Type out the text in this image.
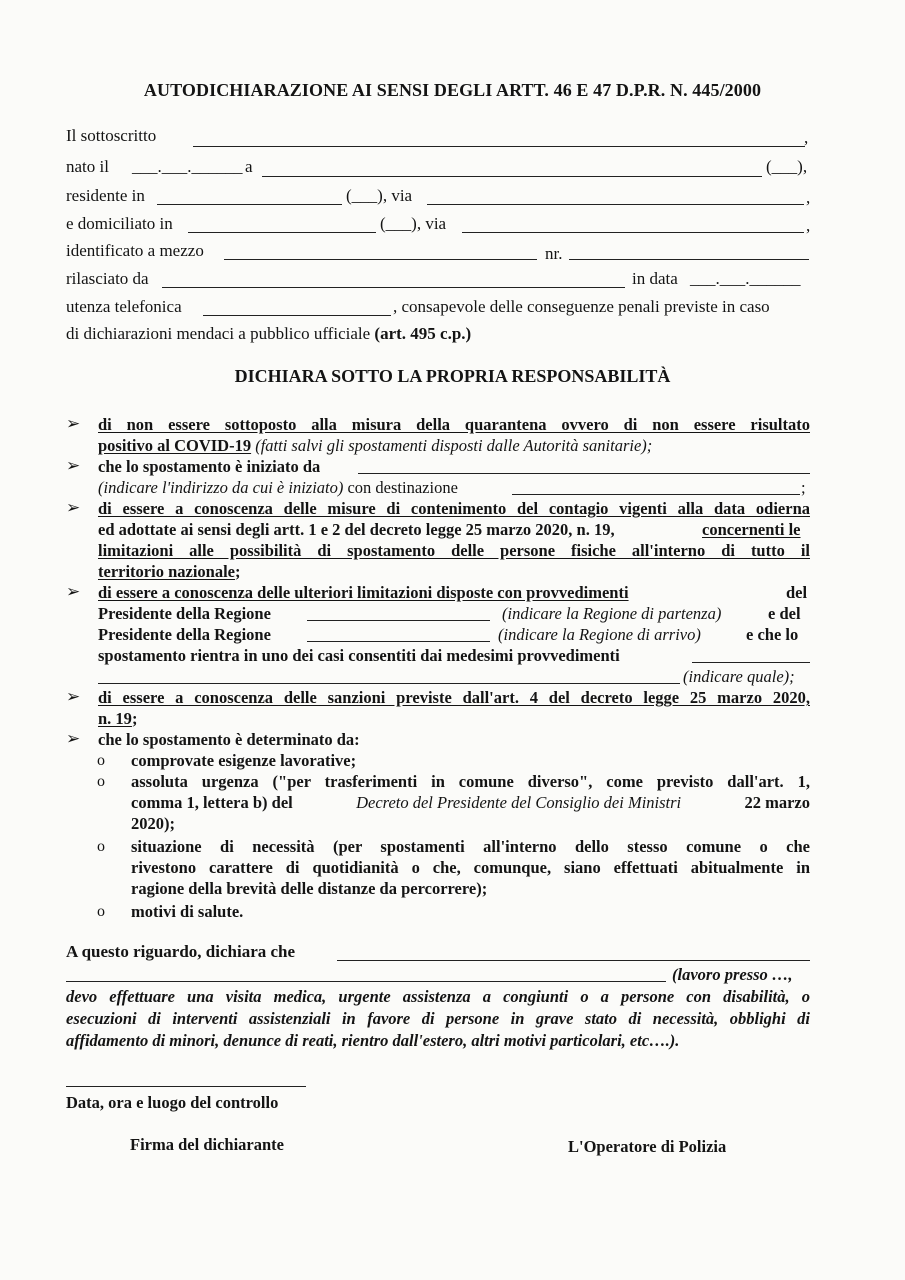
AUTODICHIARAZIONE AI SENSI DEGLI ARTT. 46 E 47 D.P.R. N. 445/2000
Il sottoscritto	,
nato il ___.___.______ a	(___),
residente in	(___), via	,
e domiciliato in	(___), via	,
identificato a mezzo	nr.
rilasciato da	in data ___.___.______
utenza telefonica	, consapevole delle conseguenze penali previste in caso
di dichiarazioni mendaci a pubblico ufficiale (art. 495 c.p.)
DICHIARA SOTTO LA PROPRIA RESPONSABILITÀ
➢ di non essere sottoposto alla misura della quarantena ovvero di non essere risultato
positivo al COVID-19 (fatti salvi gli spostamenti disposti dalle Autorità sanitarie);
➢ che lo spostamento è iniziato da
(indicare l'indirizzo da cui è iniziato) con destinazione	;
➢ di essere a conoscenza delle misure di contenimento del contagio vigenti alla data odierna
ed adottate ai sensi degli artt. 1 e 2 del decreto legge 25 marzo 2020, n. 19,	concernenti le
limitazioni alle possibilità di spostamento delle persone fisiche all'interno di tutto il
territorio nazionale;
➢ di essere a conoscenza delle ulteriori limitazioni disposte con provvedimenti	del
Presidente della Regione	(indicare la Regione di partenza)	e del
Presidente della Regione	(indicare la Regione di arrivo)	e che lo
spostamento rientra in uno dei casi consentiti dai medesimi provvedimenti
(indicare quale);
➢ di essere a conoscenza delle sanzioni previste dall'art. 4 del decreto legge 25 marzo 2020,
n. 19;
➢ che lo spostamento è determinato da:
o comprovate esigenze lavorative;
o assoluta urgenza ("per trasferimenti in comune diverso", come previsto dall'art. 1,
comma 1, lettera b) del	Decreto del Presidente del Consiglio dei Ministri	22 marzo
2020);
o situazione di necessità (per spostamenti all'interno dello stesso comune o che
rivestono carattere di quotidianità o che, comunque, siano effettuati abitualmente in
ragione della brevità delle distanze da percorrere);
o motivi di salute.
A questo riguardo, dichiara che
(lavoro presso …,
devo effettuare una visita medica, urgente assistenza a congiunti o a persone con disabilità, o
esecuzioni di interventi assistenziali in favore di persone in grave stato di necessità, obblighi di
affidamento di minori, denunce di reati, rientro dall'estero, altri motivi particolari, etc….).
Data, ora e luogo del controllo
Firma del dichiarante	L'Operatore di Polizia
